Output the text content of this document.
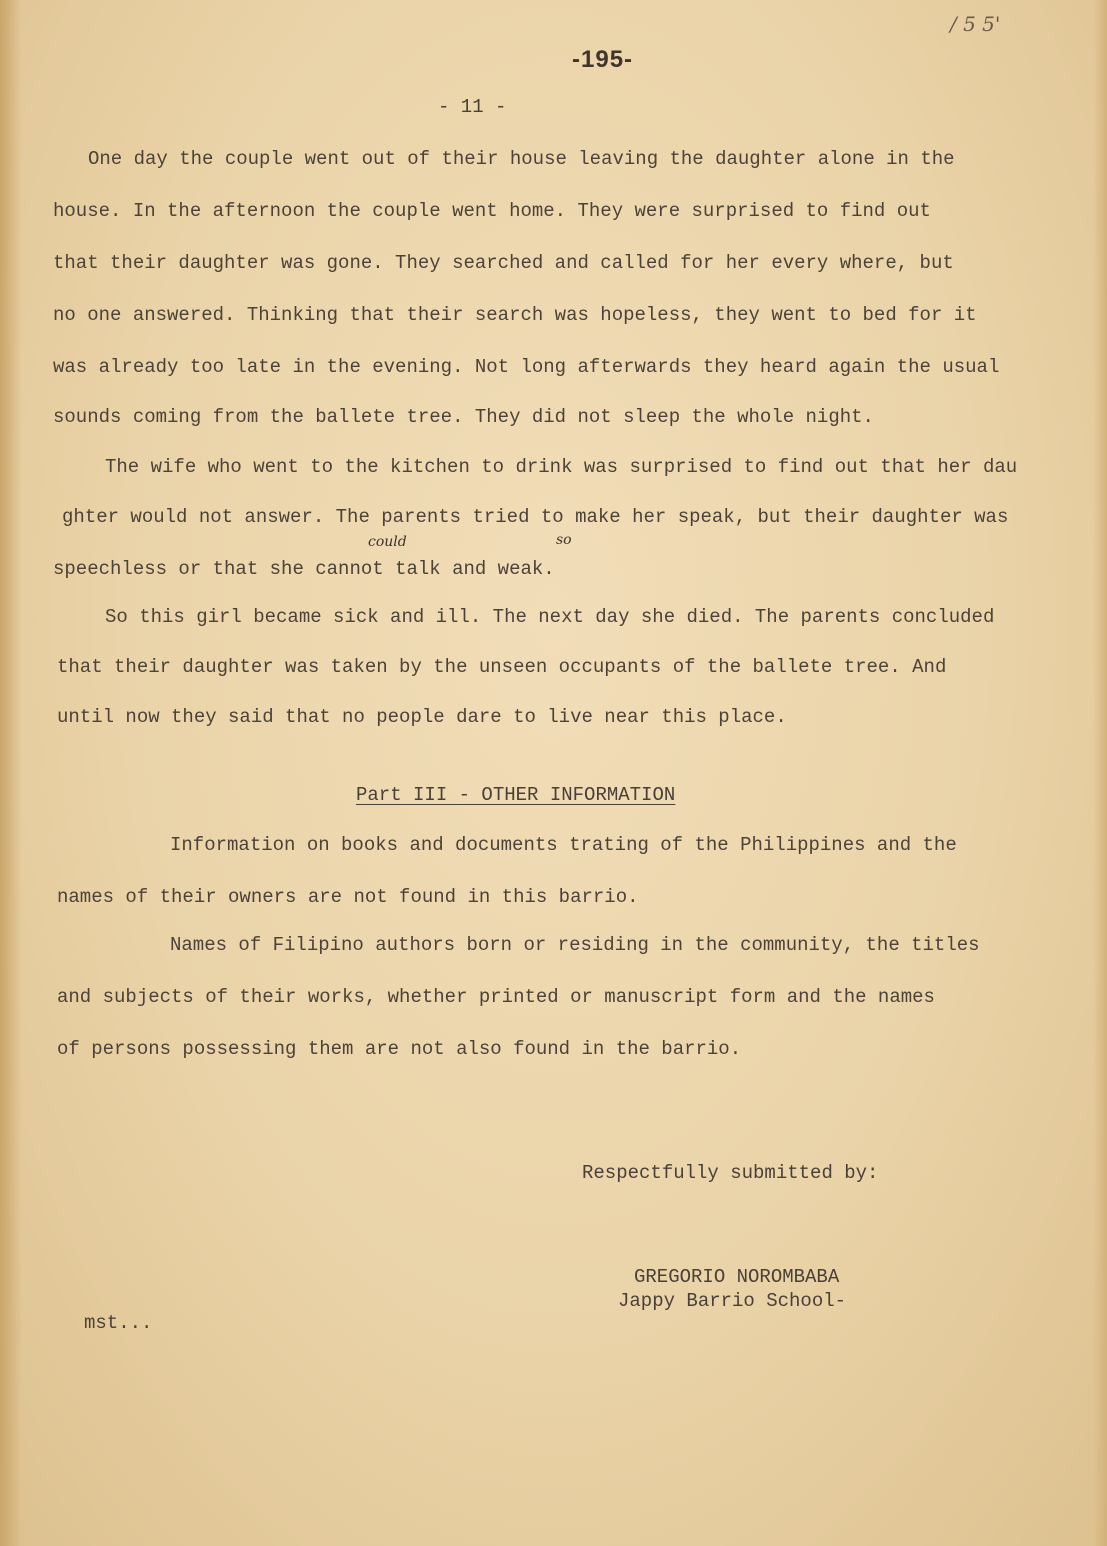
/ 5 5'
-195-
- 11 -
One day the couple went out of their house leaving the daughter alone in the
house. In the afternoon the couple went home. They were surprised to find out
that their daughter was gone. They searched and called for her every where, but
no one answered. Thinking that their search was hopeless, they went to bed for it
was already too late in the evening. Not long afterwards they heard again the usual
sounds coming from the ballete tree. They did not sleep the whole night.
The wife who went to the kitchen to drink was surprised to find out that her dau
ghter would not answer. The parents tried to make her speak, but their daughter was
speechless or that she cannot talk and weak.
So this girl became sick and ill. The next day she died. The parents concluded
that their daughter was taken by the unseen occupants of the ballete tree. And
until now they said that no people dare to live near this place.
could	so
Part III - OTHER INFORMATION
Information on books and documents trating of the Philippines and the
names of their owners are not found in this barrio.
Names of Filipino authors born or residing in the community, the titles
and subjects of their works, whether printed or manuscript form and the names
of persons possessing them are not also found in the barrio.
Respectfully submitted by:
GREGORIO NOROMBABA
Jappy Barrio School-
mst...
